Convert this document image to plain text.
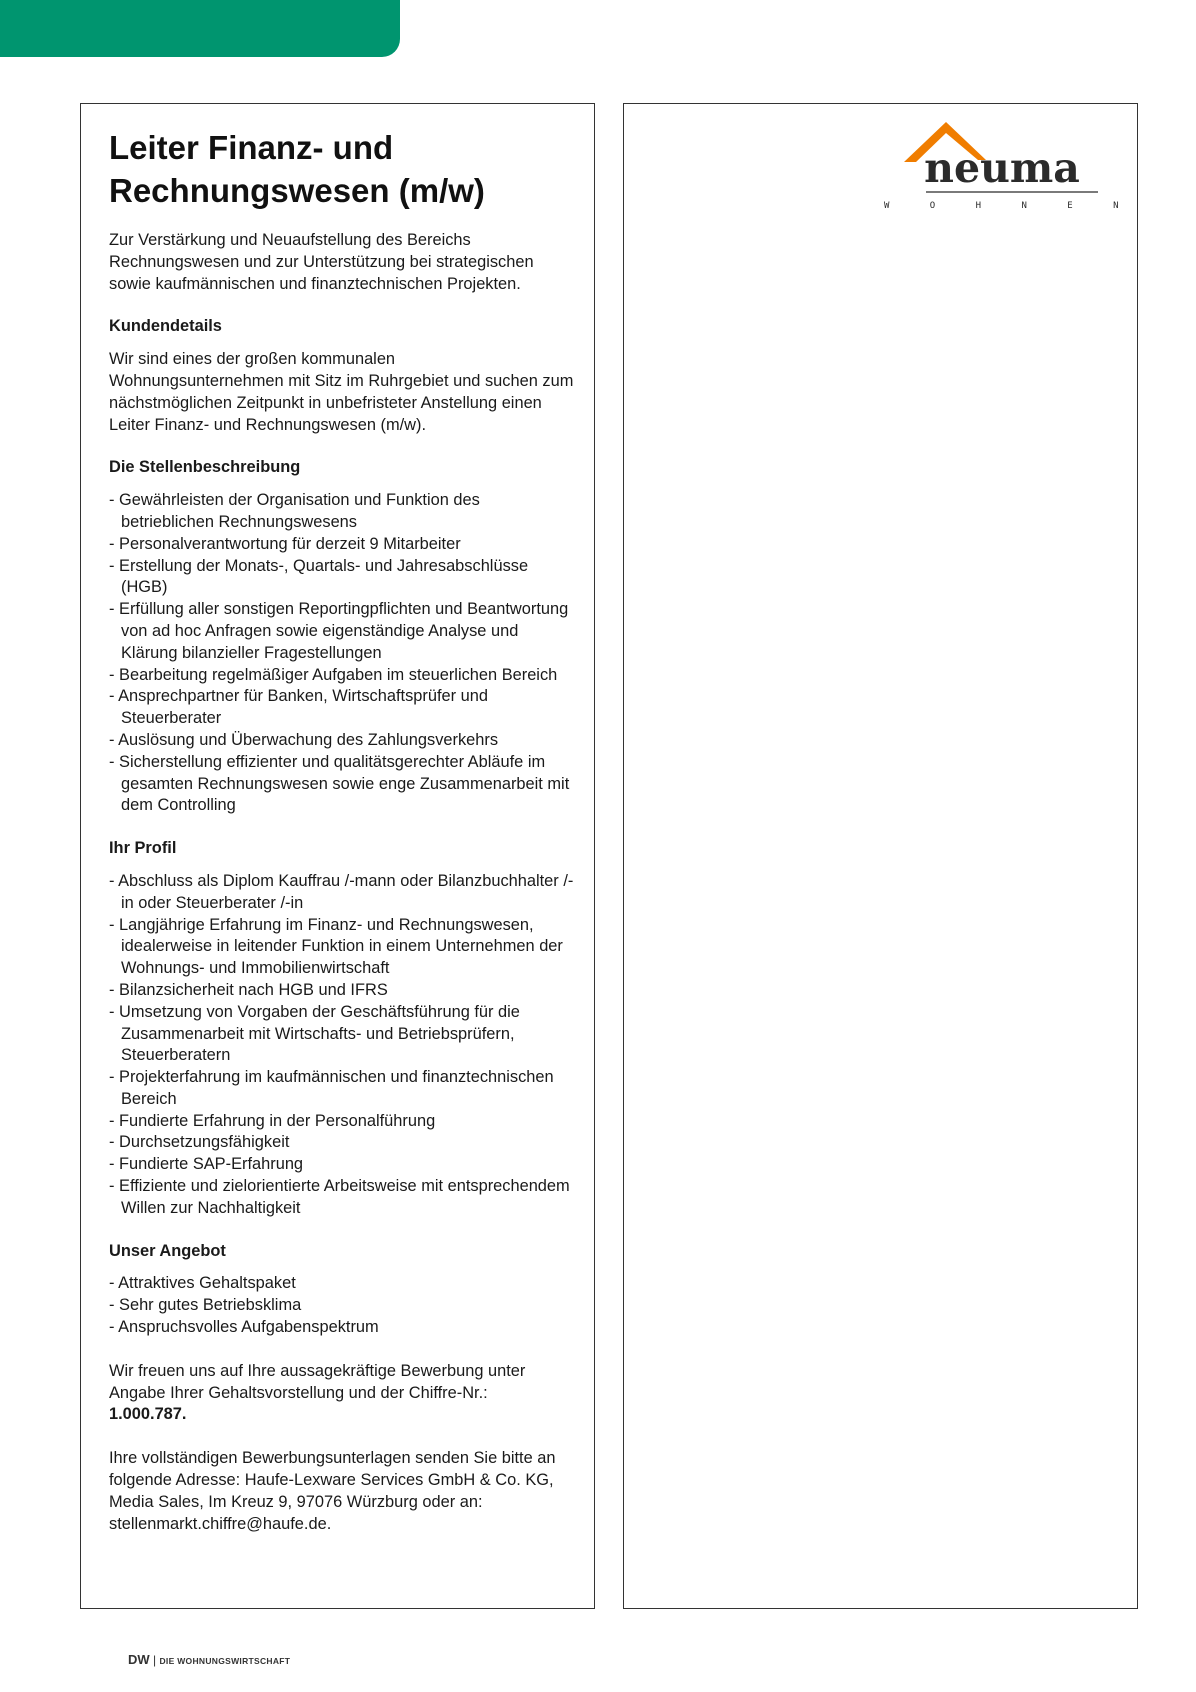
Leiter Finanz- und
Rechnungswesen (m/w)

Zur Verstärkung und Neuaufstellung des Bereichs Rechnungswesen und zur Unterstützung bei strategischen sowie kaufmännischen und finanztechnischen Projekten.

Kundendetails

Wir sind eines der großen kommunalen Wohnungsunternehmen mit Sitz im Ruhrgebiet und suchen zum nächstmöglichen Zeitpunkt in unbefristeter Anstellung einen Leiter Finanz- und Rechnungswesen (m/w).

Die Stellenbeschreibung
- Gewährleisten der Organisation und Funktion des betrieblichen Rechnungswesens
- Personalverantwortung für derzeit 9 Mitarbeiter
- Erstellung der Monats-, Quartals- und Jahresabschlüsse (HGB)
- Erfüllung aller sonstigen Reportingpflichten und Beantwortung von ad hoc Anfragen sowie eigenständige Analyse und Klärung bilanzieller Fragestellungen
- Bearbeitung regelmäßiger Aufgaben im steuerlichen Bereich
- Ansprechpartner für Banken, Wirtschaftsprüfer und Steuerberater
- Auslösung und Überwachung des Zahlungsverkehrs
- Sicherstellung effizienter und qualitätsgerechter Abläufe im gesamten Rechnungswesen sowie enge Zusammenarbeit mit dem Controlling
Ihr Profil
- Abschluss als Diplom Kauffrau /-mann oder Bilanzbuchhalter /-in oder Steuerberater /-in
- Langjährige Erfahrung im Finanz- und Rechnungswesen, idealerweise in leitender Funktion in einem Unternehmen der Wohnungs- und Immobilienwirtschaft
- Bilanzsicherheit nach HGB und IFRS
- Umsetzung von Vorgaben der Geschäftsführung für die Zusammenarbeit mit Wirtschafts- und Betriebsprüfern, Steuerberatern
- Projekterfahrung im kaufmännischen und finanztechnischen Bereich
- Fundierte Erfahrung in der Personalführung
- Durchsetzungsfähigkeit
- Fundierte SAP-Erfahrung
- Effiziente und zielorientierte Arbeitsweise mit entsprechendem Willen zur Nachhaltigkeit
Unser Angebot
- Attraktives Gehaltspaket
- Sehr gutes Betriebsklima
- Anspruchsvolles Aufgabenspektrum

Wir freuen uns auf Ihre aussagekräftige Bewerbung unter Angabe Ihrer Gehaltsvorstellung und der Chiffre-Nr.:
1.000.787.

Ihre vollständigen Bewerbungsunterlagen senden Sie bitte an folgende Adresse: Haufe-Lexware Services GmbH & Co. KG, Media Sales, Im Kreuz 9, 97076 Würzburg oder an: stellenmarkt.chiffre@haufe.de.

neuma
W O H N E N
DW | DIE WOHNUNGSWIRTSCHAFT
